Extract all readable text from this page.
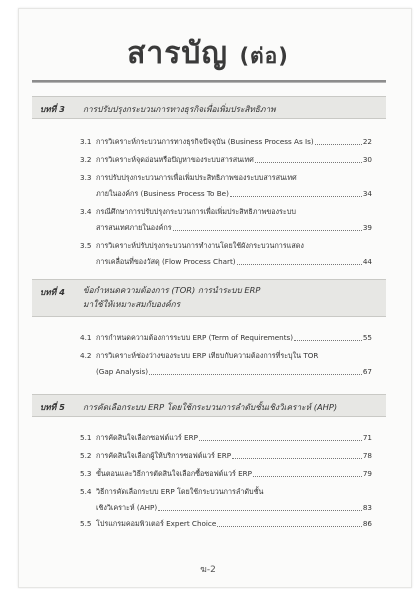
สารบัญ (ต่อ)
บทที่ 3 การปรับปรุงกระบวนการทางธุรกิจเพื่อเพิ่มประสิทธิภาพ
3.1 การวิเคราะห์กระบวนการทางธุรกิจปัจจุบัน (Business Process As Is)	22
3.2 การวิเคราะห์จุดอ่อนหรือปัญหาของระบบสารสนเทศ	30
3.3 การปรับปรุงกระบวนการเพื่อเพิ่มประสิทธิภาพของระบบสารสนเทศ
ภายในองค์กร (Business Process To Be)	34
3.4 กรณีศึกษาการปรับปรุงกระบวนการเพื่อเพิ่มประสิทธิภาพของระบบ
สารสนเทศภายในองค์กร	39
3.5 การวิเคราะห์ปรับปรุงกระบวนการทำงานโดยใช้ผังกระบวนการแสดง
การเคลื่อนที่ของวัสดุ (Flow Process Chart)	44
บทที่ 4 ข้อกำหนดความต้องการ (TOR) การนำระบบ ERP
มาใช้ให้เหมาะสมกับองค์กร
4.1 การกำหนดความต้องการระบบ ERP (Term of Requirements)	55
4.2 การวิเคราะห์ช่องว่างของระบบ ERP เทียบกับความต้องการที่ระบุใน TOR
(Gap Analysis)	67
บทที่ 5 การคัดเลือกระบบ ERP โดยใช้กระบวนการลำดับชั้นเชิงวิเคราะห์ (AHP)
5.1 การคัดสินใจเลือกซอฟต์แวร์ ERP	71
5.2 การคัดสินใจเลือกผู้ให้บริการซอฟต์แวร์ ERP	78
5.3 ขั้นตอนและวิธีการตัดสินใจเลือกซื้อซอฟต์แวร์ ERP	79
5.4 วิธีการคัดเลือกระบบ ERP โดยใช้กระบวนการลำดับชั้น
เชิงวิเคราะห์ (AHP)	83
5.5 โปรแกรมคอมพิวเตอร์ Expert Choice	86
ฆ-2
